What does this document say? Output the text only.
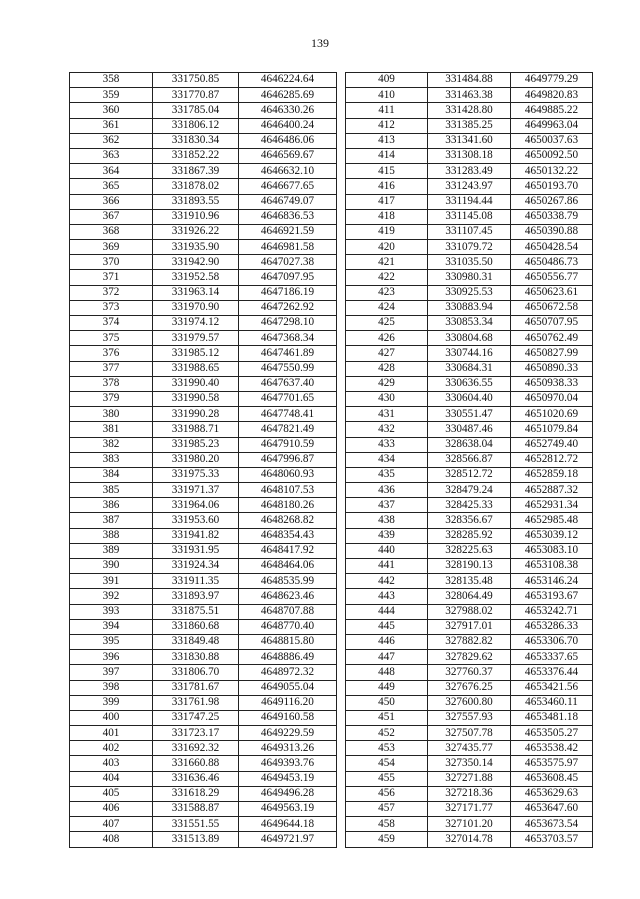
139
358	331750.85	4646224.64
359	331770.87	4646285.69
360	331785.04	4646330.26
361	331806.12	4646400.24
362	331830.34	4646486.06
363	331852.22	4646569.67
364	331867.39	4646632.10
365	331878.02	4646677.65
366	331893.55	4646749.07
367	331910.96	4646836.53
368	331926.22	4646921.59
369	331935.90	4646981.58
370	331942.90	4647027.38
371	331952.58	4647097.95
372	331963.14	4647186.19
373	331970.90	4647262.92
374	331974.12	4647298.10
375	331979.57	4647368.34
376	331985.12	4647461.89
377	331988.65	4647550.99
378	331990.40	4647637.40
379	331990.58	4647701.65
380	331990.28	4647748.41
381	331988.71	4647821.49
382	331985.23	4647910.59
383	331980.20	4647996.87
384	331975.33	4648060.93
385	331971.37	4648107.53
386	331964.06	4648180.26
387	331953.60	4648268.82
388	331941.82	4648354.43
389	331931.95	4648417.92
390	331924.34	4648464.06
391	331911.35	4648535.99
392	331893.97	4648623.46
393	331875.51	4648707.88
394	331860.68	4648770.40
395	331849.48	4648815.80
396	331830.88	4648886.49
397	331806.70	4648972.32
398	331781.67	4649055.04
399	331761.98	4649116.20
400	331747.25	4649160.58
401	331723.17	4649229.59
402	331692.32	4649313.26
403	331660.88	4649393.76
404	331636.46	4649453.19
405	331618.29	4649496.28
406	331588.87	4649563.19
407	331551.55	4649644.18
408	331513.89	4649721.97
409	331484.88	4649779.29
410	331463.38	4649820.83
411	331428.80	4649885.22
412	331385.25	4649963.04
413	331341.60	4650037.63
414	331308.18	4650092.50
415	331283.49	4650132.22
416	331243.97	4650193.70
417	331194.44	4650267.86
418	331145.08	4650338.79
419	331107.45	4650390.88
420	331079.72	4650428.54
421	331035.50	4650486.73
422	330980.31	4650556.77
423	330925.53	4650623.61
424	330883.94	4650672.58
425	330853.34	4650707.95
426	330804.68	4650762.49
427	330744.16	4650827.99
428	330684.31	4650890.33
429	330636.55	4650938.33
430	330604.40	4650970.04
431	330551.47	4651020.69
432	330487.46	4651079.84
433	328638.04	4652749.40
434	328566.87	4652812.72
435	328512.72	4652859.18
436	328479.24	4652887.32
437	328425.33	4652931.34
438	328356.67	4652985.48
439	328285.92	4653039.12
440	328225.63	4653083.10
441	328190.13	4653108.38
442	328135.48	4653146.24
443	328064.49	4653193.67
444	327988.02	4653242.71
445	327917.01	4653286.33
446	327882.82	4653306.70
447	327829.62	4653337.65
448	327760.37	4653376.44
449	327676.25	4653421.56
450	327600.80	4653460.11
451	327557.93	4653481.18
452	327507.78	4653505.27
453	327435.77	4653538.42
454	327350.14	4653575.97
455	327271.88	4653608.45
456	327218.36	4653629.63
457	327171.77	4653647.60
458	327101.20	4653673.54
459	327014.78	4653703.57
